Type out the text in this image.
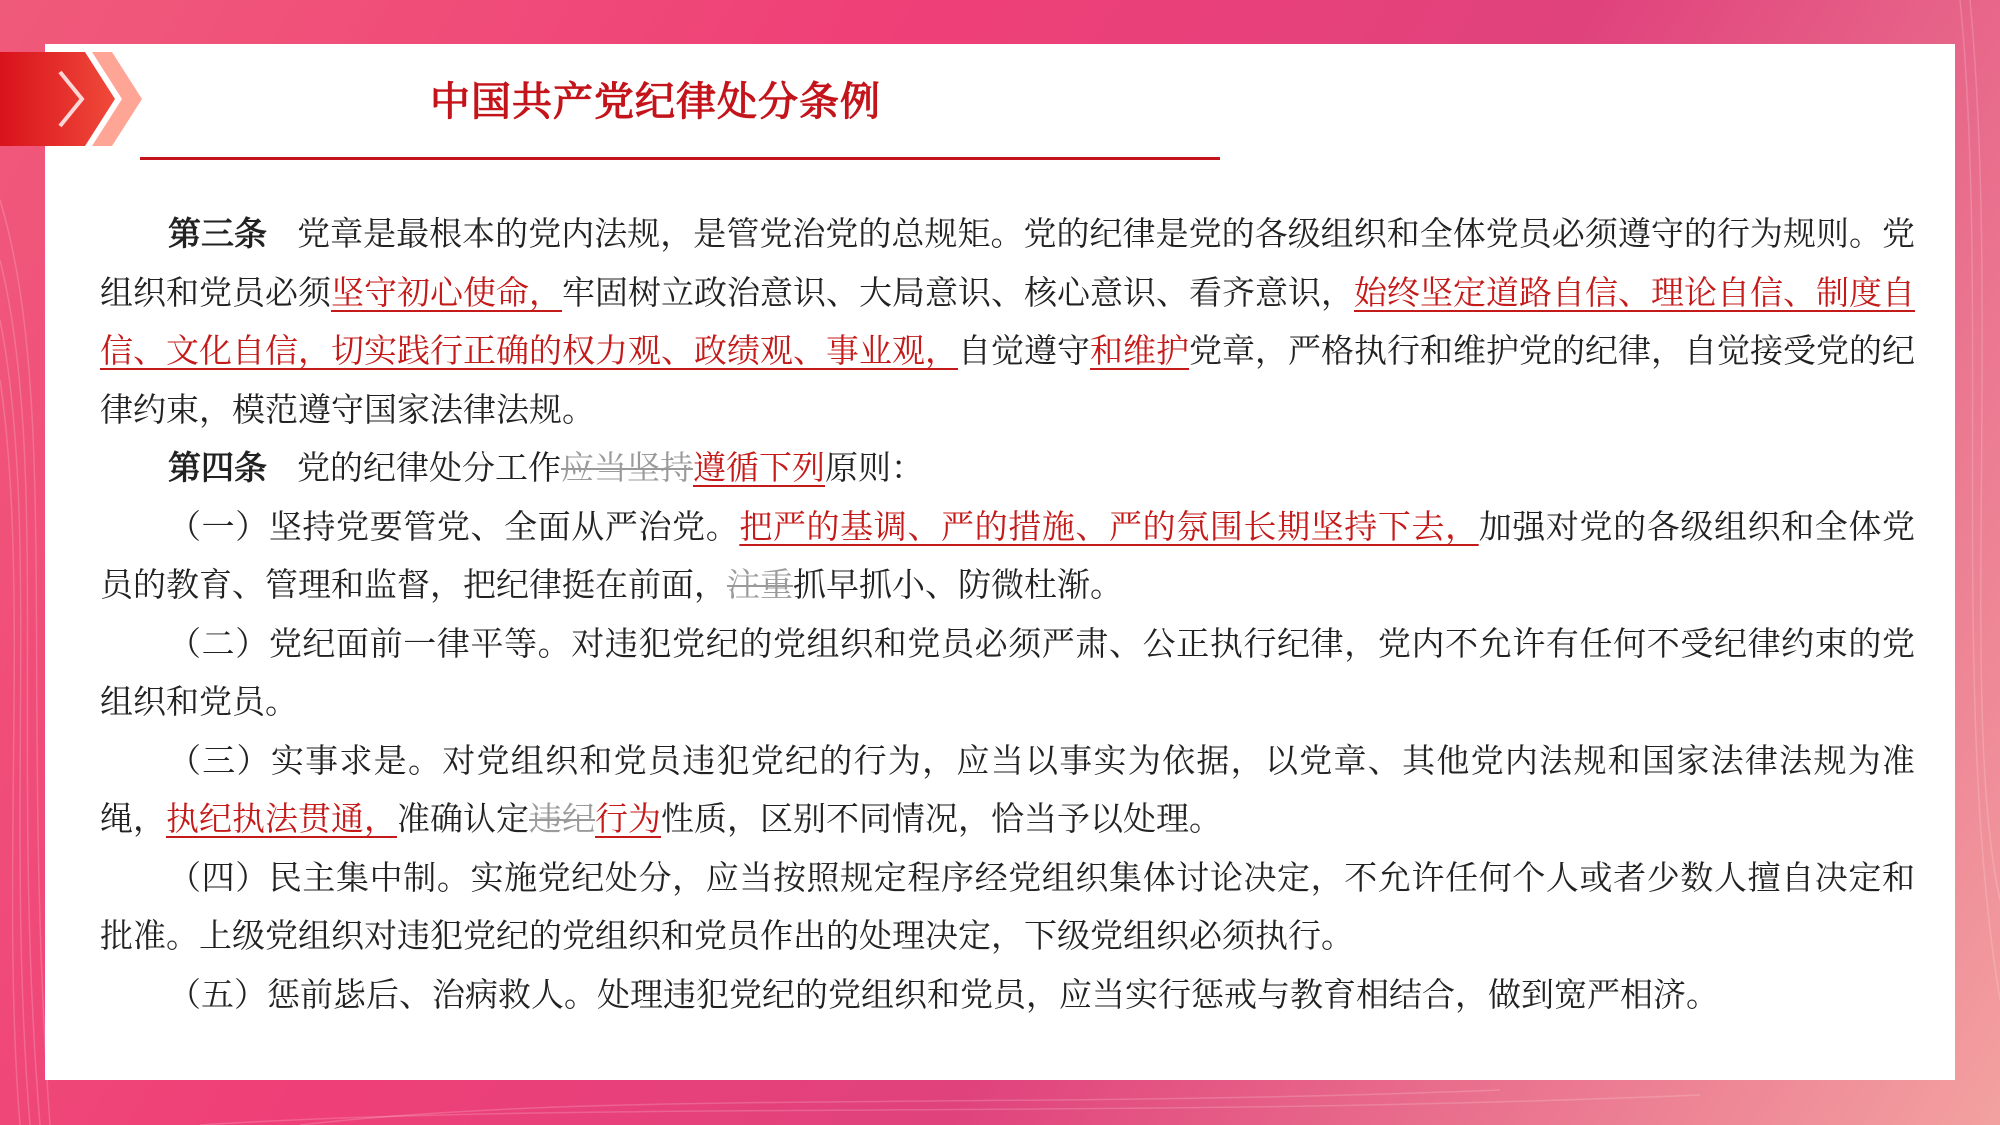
中国共产党纪律处分条例

第三条 党章是最根本的党内法规，是管党治党的总规矩。党的纪律是党的各级组织和全体党员必须遵守的行为规则。党组织和党员必须坚守初心使命，牢固树立政治意识、大局意识、核心意识、看齐意识，始终坚定道路自信、理论自信、制度自信、文化自信，切实践行正确的权力观、政绩观、事业观，自觉遵守和维护党章，严格执行和维护党的纪律，自觉接受党的纪律约束，模范遵守国家法律法规。

第四条 党的纪律处分工作应当坚持遵循下列原则：

（一）坚持党要管党、全面从严治党。把严的基调、严的措施、严的氛围长期坚持下去，加强对党的各级组织和全体党员的教育、管理和监督，把纪律挺在前面，注重抓早抓小、防微杜渐。

（二）党纪面前一律平等。对违犯党纪的党组织和党员必须严肃、公正执行纪律，党内不允许有任何不受纪律约束的党组织和党员。

（三）实事求是。对党组织和党员违犯党纪的行为，应当以事实为依据，以党章、其他党内法规和国家法律法规为准绳，执纪执法贯通，准确认定违纪行为性质，区别不同情况，恰当予以处理。

（四）民主集中制。实施党纪处分，应当按照规定程序经党组织集体讨论决定，不允许任何个人或者少数人擅自决定和批准。上级党组织对违犯党纪的党组织和党员作出的处理决定，下级党组织必须执行。

（五）惩前毖后、治病救人。处理违犯党纪的党组织和党员，应当实行惩戒与教育相结合，做到宽严相济。
